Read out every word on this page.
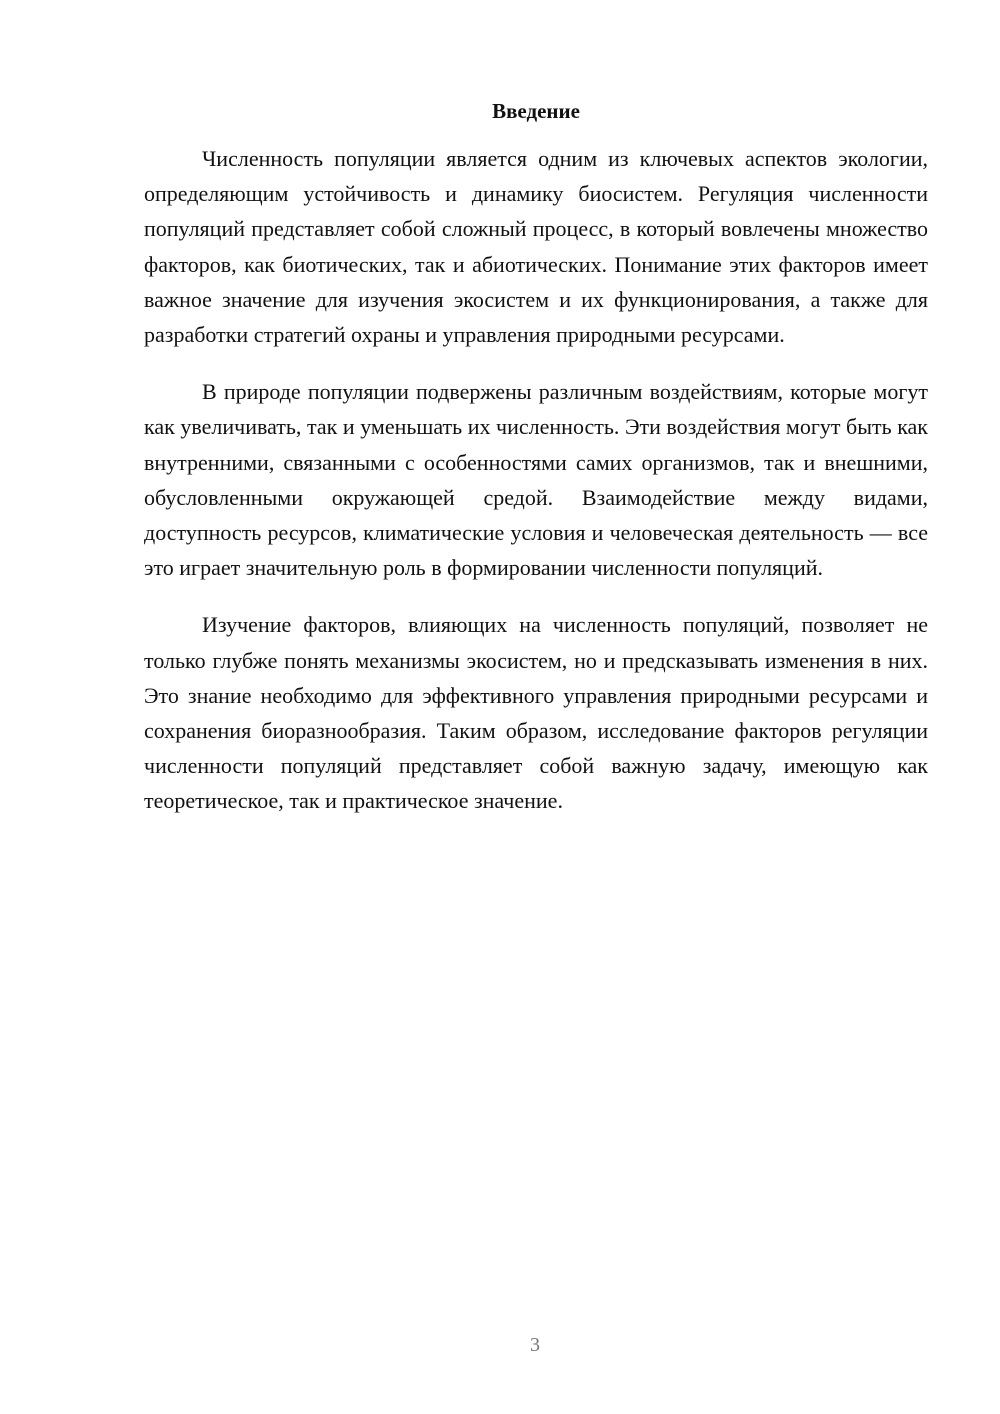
Введение

Численность популяции является одним из ключевых аспектов экологии, определяющим устойчивость и динамику биосистем. Регуляция численности популяций представляет собой сложный процесс, в который вовлечены множество факторов, как биотических, так и абиотических. Понимание этих факторов имеет важное значение для изучения экосистем и их функционирования, а также для разработки стратегий охраны и управления природными ресурсами.

В природе популяции подвержены различным воздействиям, которые могут как увеличивать, так и уменьшать их численность. Эти воздействия могут быть как внутренними, связанными с особенностями самих организмов, так и внешними, обусловленными окружающей средой. Взаимодействие между видами, доступность ресурсов, климатические условия и человеческая деятельность — все это играет значительную роль в формировании численности популяций.

Изучение факторов, влияющих на численность популяций, позволяет не только глубже понять механизмы экосистем, но и предсказывать изменения в них. Это знание необходимо для эффективного управления природными ресурсами и сохранения биоразнообразия. Таким образом, исследование факторов регуляции численности популяций представляет собой важную задачу, имеющую как теоретическое, так и практическое значение.

3
